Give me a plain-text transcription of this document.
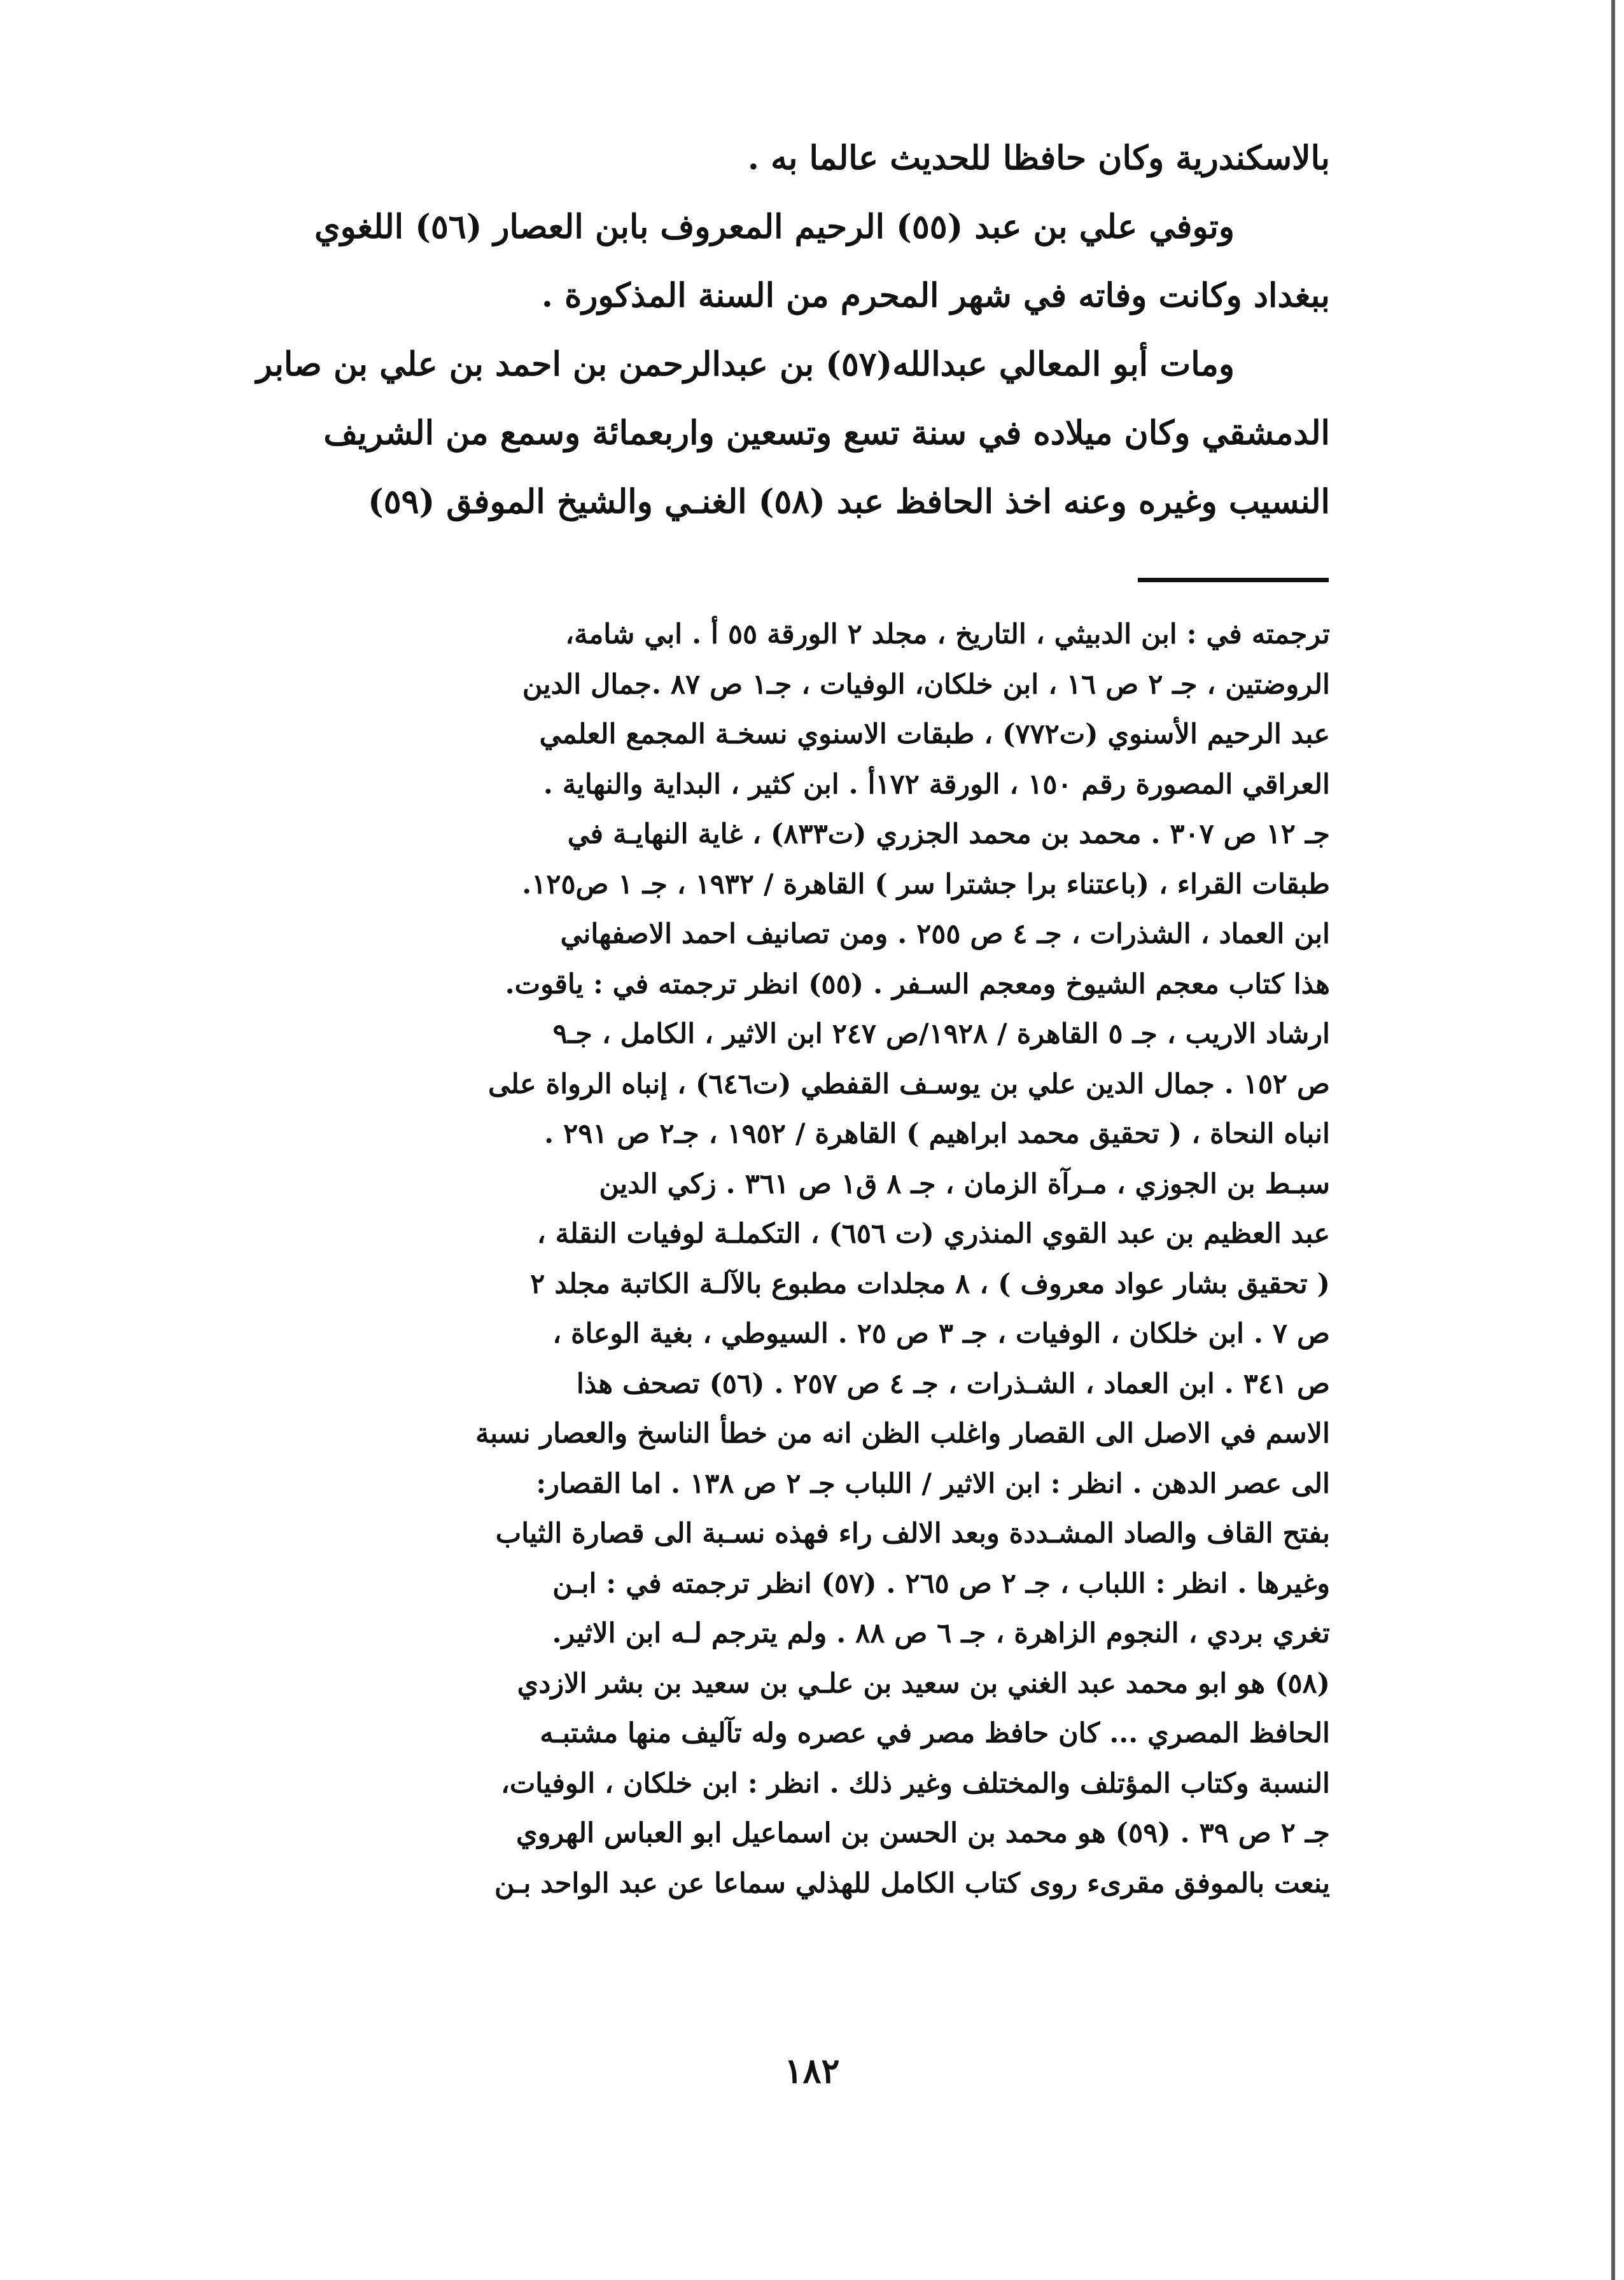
بالاسكندرية وكان حافظا للحديث عالما به .
وتوفي علي بن عبد (٥٥) الرحيم المعروف بابن العصار (٥٦) اللغوي
ببغداد وكانت وفاته في شهر المحرم من السنة المذكورة .
ومات أبو المعالي عبدالله(٥٧) بن عبدالرحمن بن احمد بن علي بن صابر
الدمشقي وكان ميلاده في سنة تسع وتسعين واربعمائة وسمع من الشريف
النسيب وغيره وعنه اخذ الحافظ عبد (٥٨) الغنـي والشيخ الموفق (٥٩)
ترجمته في : ابن الدبيثي ، التاريخ ، مجلد ٢ الورقة ٥٥ أ . ابي شامة،
الروضتين ، جـ ٢ ص ١٦ ، ابن خلكان، الوفيات ، جـ١ ص ٨٧ .جمال الدين
عبد الرحيم الأسنوي (ت٧٧٢) ، طبقات الاسنوي نسخـة المجمع العلمي
العراقي المصورة رقم ١٥٠ ، الورقة ١٧٢أ . ابن كثير ، البداية والنهاية .
جـ ١٢ ص ٣٠٧ . محمد بن محمد الجزري (ت٨٣٣) ، غاية النهايـة في
طبقات القراء ، (باعتناء برا جشترا سر ) القاهرة / ١٩٣٢ ، جـ ١ ص١٢٥.
ابن العماد ، الشذرات ، جـ ٤ ص ٢٥٥ . ومن تصانيف احمد الاصفهاني
هذا كتاب معجم الشيوخ ومعجم السـفر . (٥٥) انظر ترجمته في : ياقوت.
ارشاد الاريب ، جـ ٥ القاهرة / ١٩٢٨/ص ٢٤٧ ابن الاثير ، الكامل ، جـ٩
ص ١٥٢ . جمال الدين علي بن يوسـف القفطي (ت٦٤٦) ، إنباه الرواة على
انباه النحاة ، ( تحقيق محمد ابراهيم ) القاهرة / ١٩٥٢ ، جـ٢ ص ٢٩١ .
سبـط بن الجوزي ، مـرآة الزمان ، جـ ٨ ق١ ص ٣٦١ . زكي الدين
عبد العظيم بن عبد القوي المنذري (ت ٦٥٦) ، التكملـة لوفيات النقلة ،
( تحقيق بشار عواد معروف ) ، ٨ مجلدات مطبوع بالآلـة الكاتبة مجلد ٢
ص ٧ . ابن خلكان ، الوفيات ، جـ ٣ ص ٢٥ . السيوطي ، بغية الوعاة ،
ص ٣٤١ . ابن العماد ، الشـذرات ، جـ ٤ ص ٢٥٧ . (٥٦) تصحف هذا
الاسم في الاصل الى القصار واغلب الظن انه من خطأ الناسخ والعصار نسبة
الى عصر الدهن . انظر : ابن الاثير / اللباب جـ ٢ ص ١٣٨ . اما القصار:
بفتح القاف والصاد المشـددة وبعد الالف راء فهذه نسـبة الى قصارة الثياب
وغيرها . انظر : اللباب ، جـ ٢ ص ٢٦٥ . (٥٧) انظر ترجمته في : ابـن
تغري بردي ، النجوم الزاهرة ، جـ ٦ ص ٨٨ . ولم يترجم لـه ابن الاثير.
(٥٨) هو ابو محمد عبد الغني بن سعيد بن علـي بن سعيد بن بشر الازدي
الحافظ المصري ... كان حافظ مصر في عصره وله تآليف منها مشتبـه
النسبة وكتاب المؤتلف والمختلف وغير ذلك . انظر : ابن خلكان ، الوفيات،
جـ ٢ ص ٣٩ . (٥٩) هو محمد بن الحسن بن اسماعيل ابو العباس الهروي
ينعت بالموفق مقرىء روى كتاب الكامل للهذلي سماعا عن عبد الواحد بـن
١٨٢
